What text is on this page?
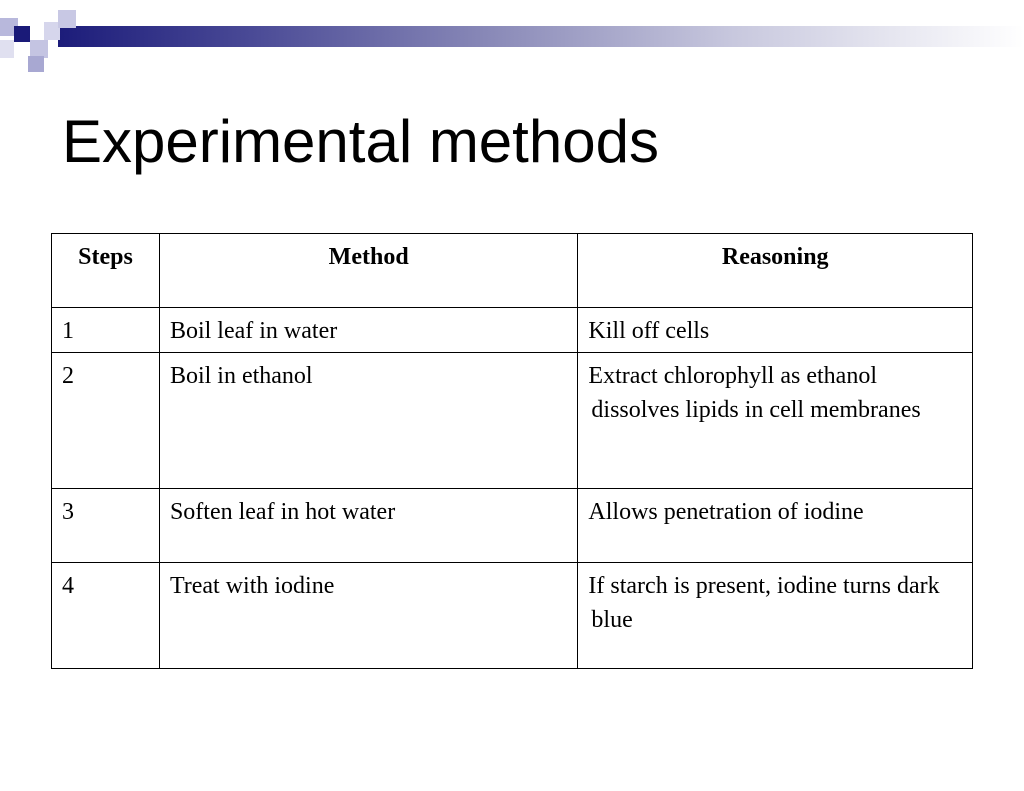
Experimental methods
Steps	Method	Reasoning
1	Boil leaf in water	Kill off cells

2	Boil in ethanol	Extract chlorophyll as ethanol dissolves lipids in cell membranes

3	Soften leaf in hot water	Allows penetration of iodine

4	Treat with iodine	If starch is present, iodine turns dark blue
